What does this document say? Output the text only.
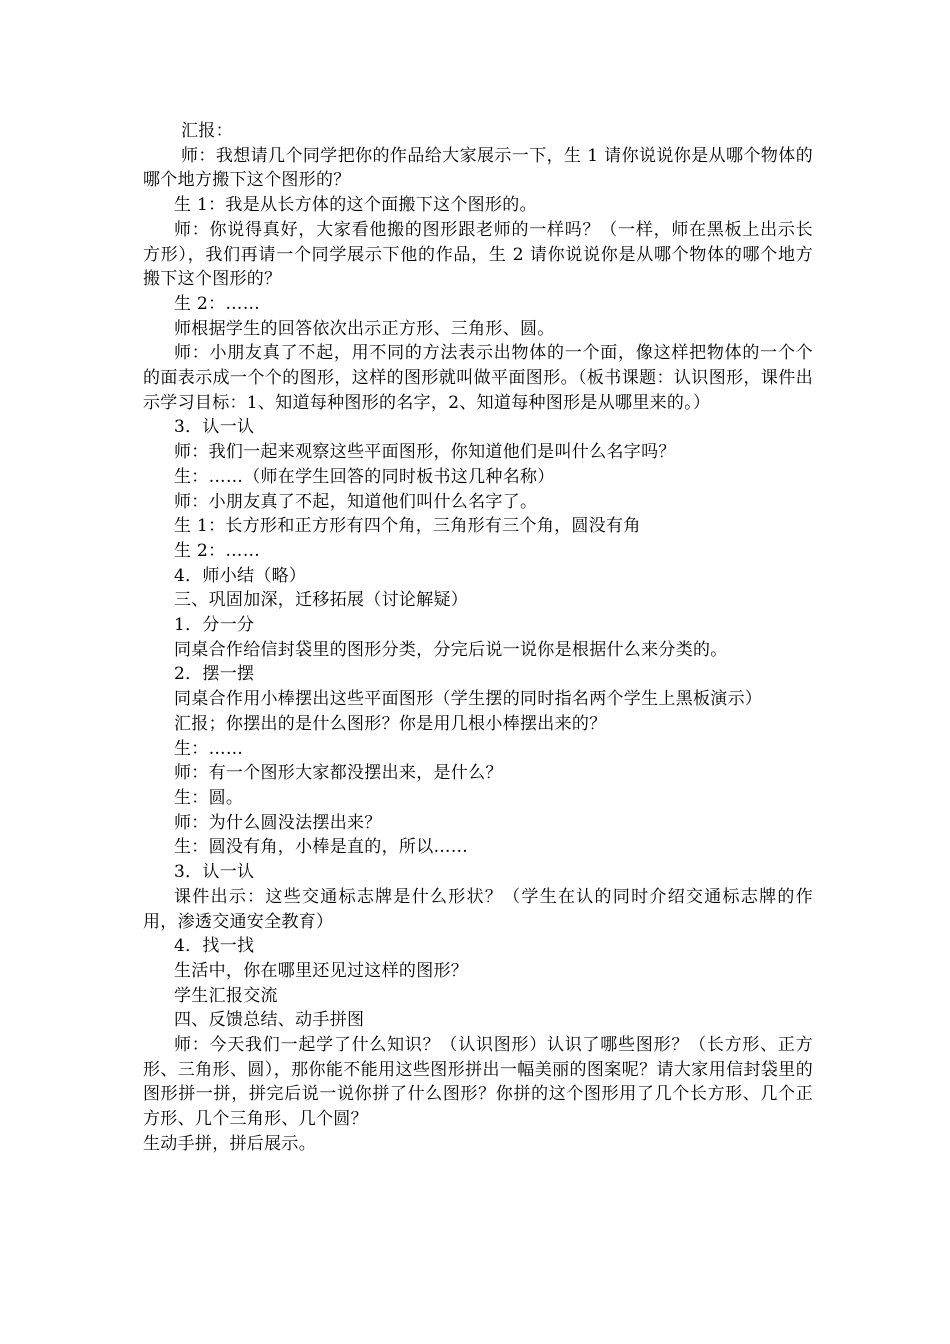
汇报：

师：我想请几个同学把你的作品给大家展示一下，生 1 请你说说你是从哪个物体的哪个地方搬下这个图形的？

生 1：我是从长方体的这个面搬下这个图形的。

师：你说得真好，大家看他搬的图形跟老师的一样吗？（一样，师在黑板上出示长方形），我们再请一个同学展示下他的作品，生 2 请你说说你是从哪个物体的哪个地方搬下这个图形的？

生 2：……

师根据学生的回答依次出示正方形、三角形、圆。

师：小朋友真了不起，用不同的方法表示出物体的一个面，像这样把物体的一个个的面表示成一个个的图形，这样的图形就叫做平面图形。（板书课题：认识图形，课件出示学习目标：1、知道每种图形的名字，2、知道每种图形是从哪里来的。）

3．认一认

师：我们一起来观察这些平面图形，你知道他们是叫什么名字吗？

生：……（师在学生回答的同时板书这几种名称）

师：小朋友真了不起，知道他们叫什么名字了。

生 1：长方形和正方形有四个角，三角形有三个角，圆没有角

生 2：……

4．师小结（略）

三、巩固加深，迁移拓展（讨论解疑）

1．分一分

同桌合作给信封袋里的图形分类，分完后说一说你是根据什么来分类的。

2．摆一摆

同桌合作用小棒摆出这些平面图形（学生摆的同时指名两个学生上黑板演示）

汇报；你摆出的是什么图形？你是用几根小棒摆出来的？

生：……

师：有一个图形大家都没摆出来，是什么？

生：圆。

师：为什么圆没法摆出来？

生：圆没有角，小棒是直的，所以……

3．认一认

课件出示：这些交通标志牌是什么形状？（学生在认的同时介绍交通标志牌的作用，渗透交通安全教育）

4．找一找

生活中，你在哪里还见过这样的图形？

学生汇报交流

四、反馈总结、动手拼图

师：今天我们一起学了什么知识？（认识图形）认识了哪些图形？（长方形、正方形、三角形、圆），那你能不能用这些图形拼出一幅美丽的图案呢？请大家用信封袋里的图形拼一拼，拼完后说一说你拼了什么图形？你拼的这个图形用了几个长方形、几个正方形、几个三角形、几个圆？

生动手拼，拼后展示。
